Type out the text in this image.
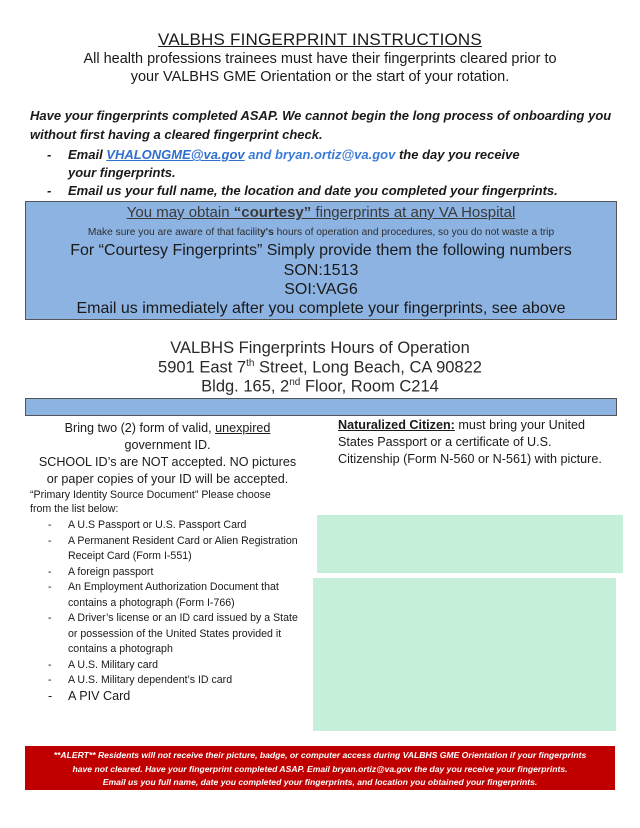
VALBHS FINGERPRINT INSTRUCTIONS
All health professions trainees must have their fingerprints cleared prior to
your VALBHS GME Orientation or the start of your rotation.
Have your fingerprints completed ASAP. We cannot begin the long process of onboarding you
without first having a cleared fingerprint check.
- Email VHALONGME@va.gov and bryan.ortiz@va.gov the day you receive
your fingerprints.
- Email us your full name, the location and date you completed your fingerprints.
You may obtain “courtesy” fingerprints at any VA Hospital
Make sure you are aware of that facility's hours of operation and procedures, so you do not waste a trip
For “Courtesy Fingerprints” Simply provide them the following numbers
SON:1513
SOI:VAG6
Email us immediately after you complete your fingerprints, see above
VALBHS Fingerprints Hours of Operation
5901 East 7th Street, Long Beach, CA 90822
Bldg. 165, 2nd Floor, Room C214
Bring two (2) form of valid, unexpired
government ID.
SCHOOL ID’s are NOT accepted. NO pictures
or paper copies of your ID will be accepted.
“Primary Identity Source Document” Please choose
from the list below:
- A U.S Passport or U.S. Passport Card
- A Permanent Resident Card or Alien Registration Receipt Card (Form I-551)
- A foreign passport
- An Employment Authorization Document that contains a photograph (Form I-766)
- A Driver’s license or an ID card issued by a State or possession of the United States provided it contains a photograph
- A U.S. Military card
- A U.S. Military dependent’s ID card
- A PIV Card
Naturalized Citizen: must bring your United States Passport or a certificate of U.S. Citizenship (Form N-560 or N-561) with picture.
**ALERT** Residents will not receive their picture, badge, or computer access during VALBHS GME Orientation if your fingerprints
have not cleared. Have your fingerprint completed ASAP. Email bryan.ortiz@va.gov the day you receive your fingerprints.
Email us you full name, date you completed your fingerprints, and location you obtained your fingerprints.
